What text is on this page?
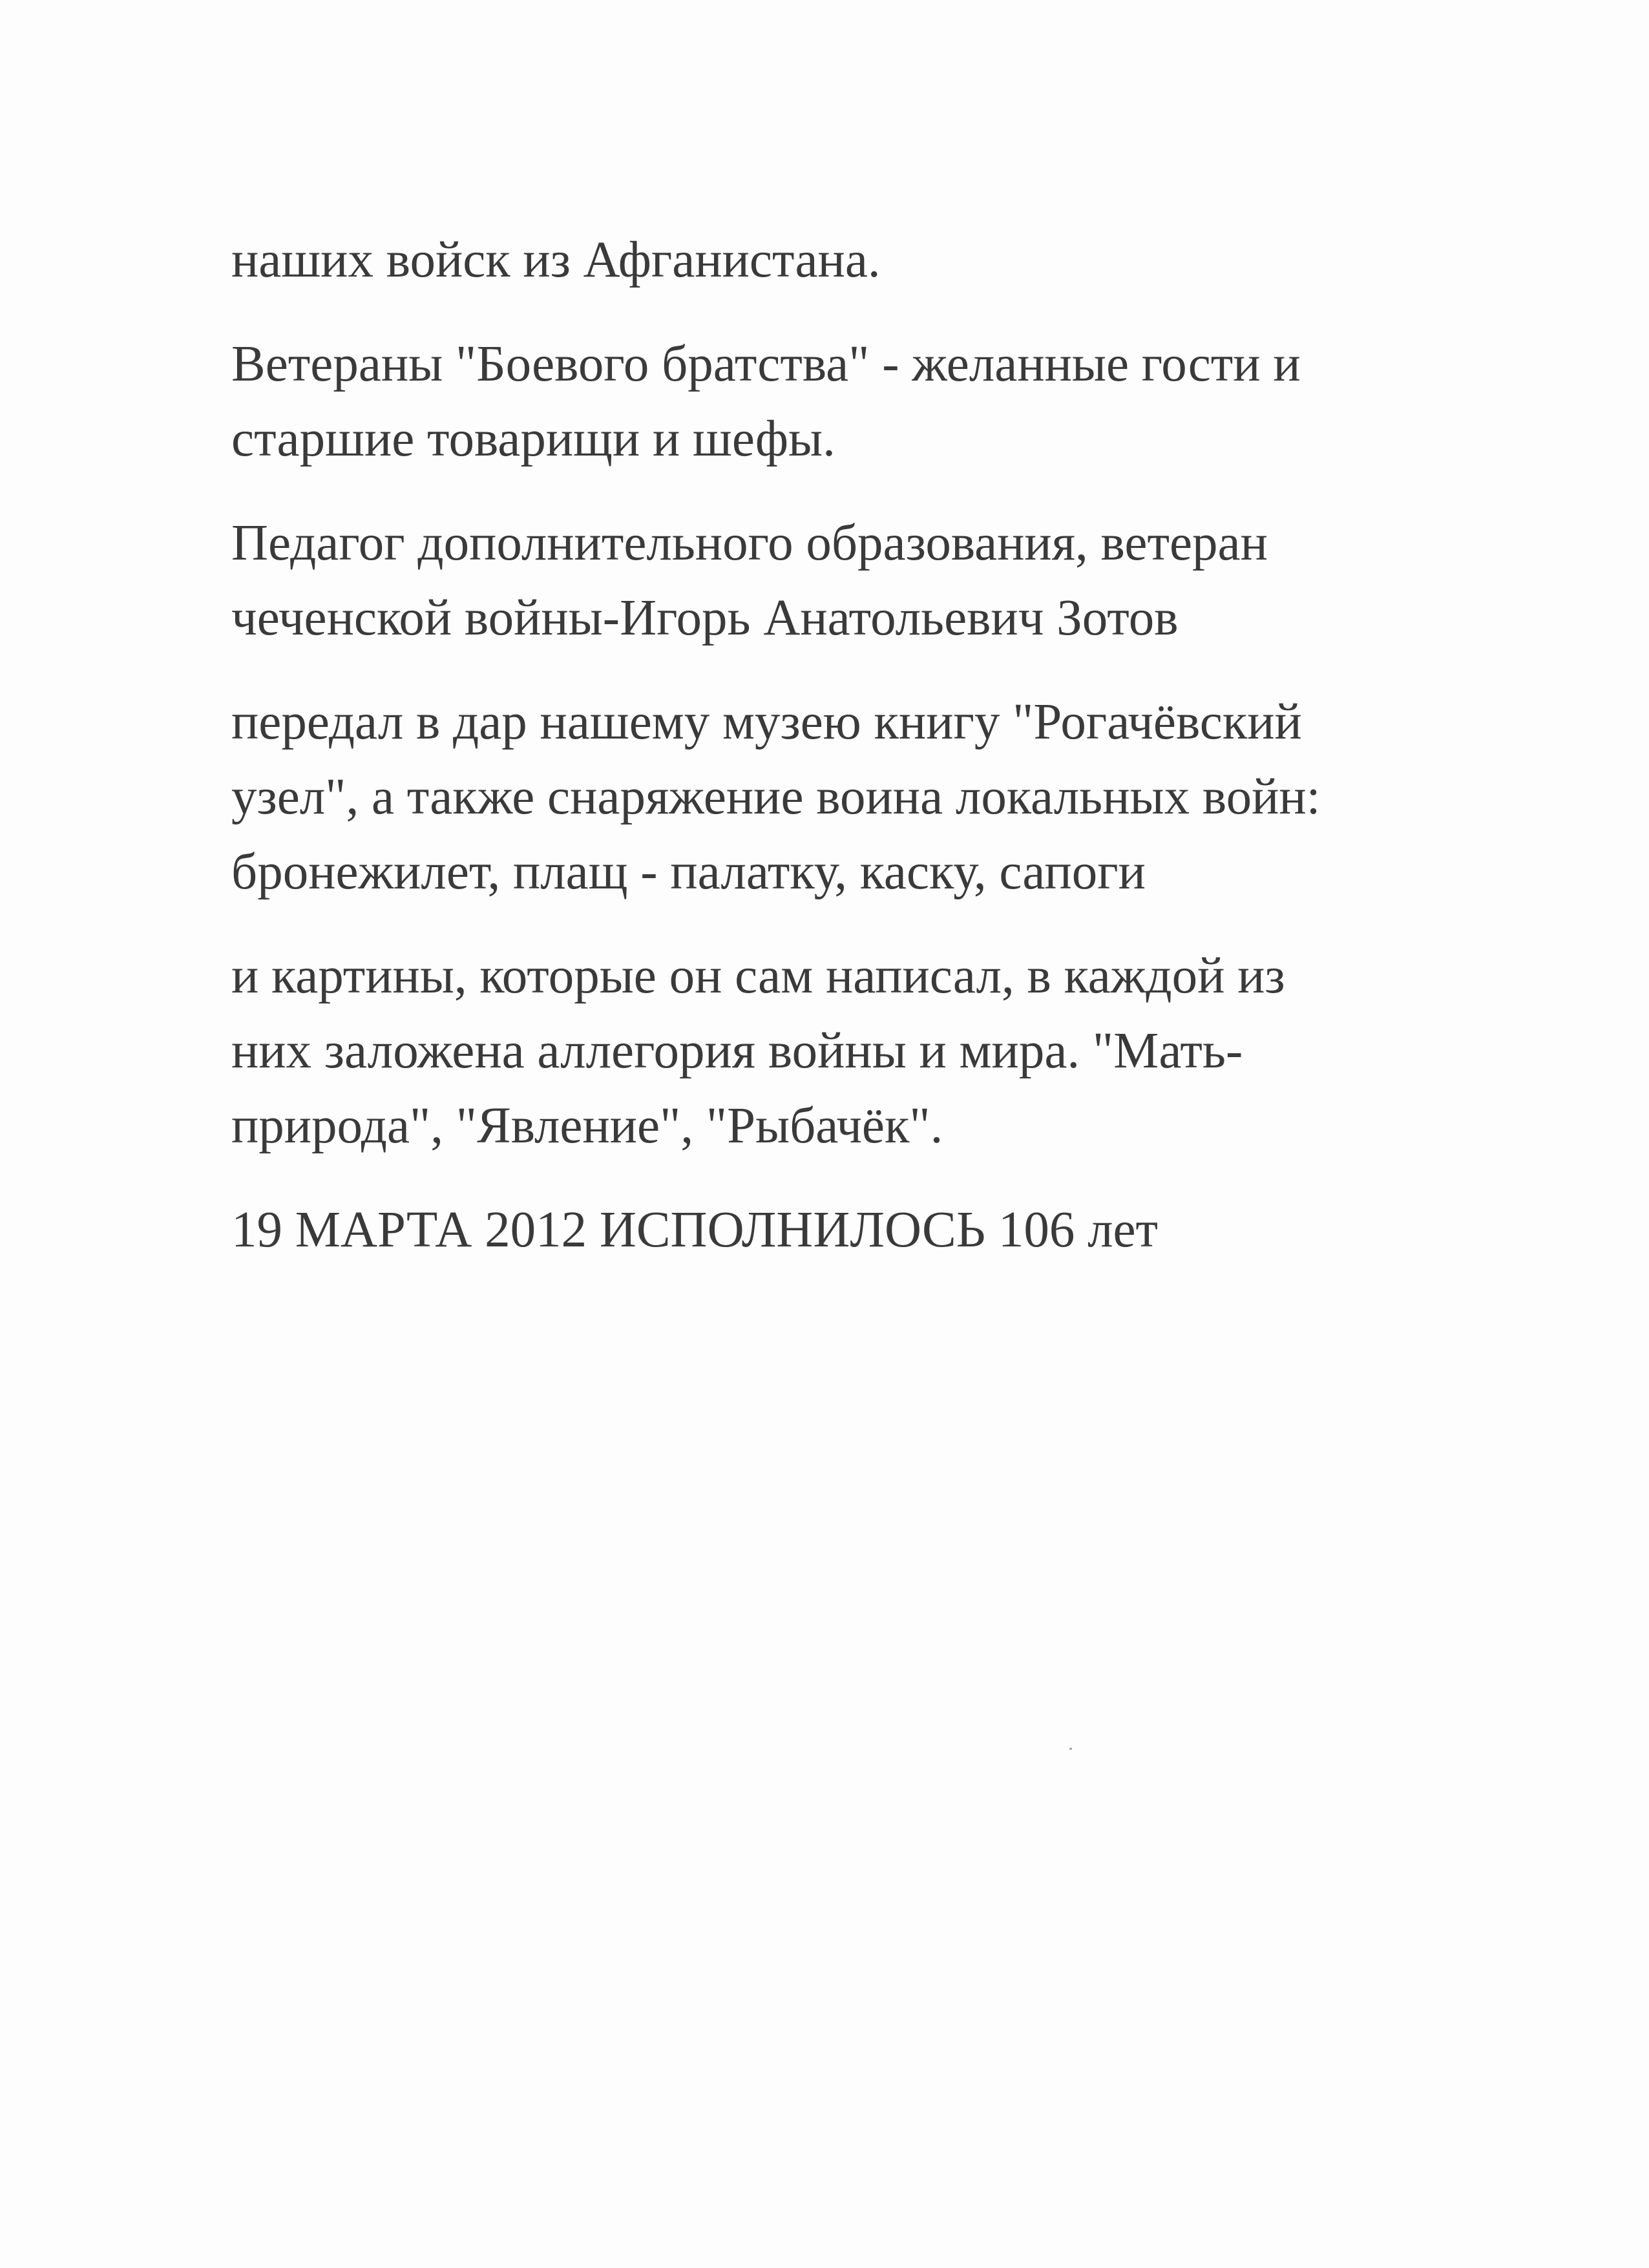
наших войск из Афганистана.

Ветераны "Боевого братства" - желанные гости и
старшие товарищи и шефы.

Педагог дополнительного образования, ветеран
чеченской войны-Игорь Анатольевич Зотов

передал в дар нашему музею книгу "Рогачёвский
узел", а также снаряжение воина локальных войн:
бронежилет, плащ - палатку, каску, сапоги

и картины, которые он сам написал, в каждой из
них заложена аллегория войны и мира. "Мать-
природа", "Явление", "Рыбачёк".

19 МАРТА 2012 ИСПОЛНИЛОСЬ 106 лет
